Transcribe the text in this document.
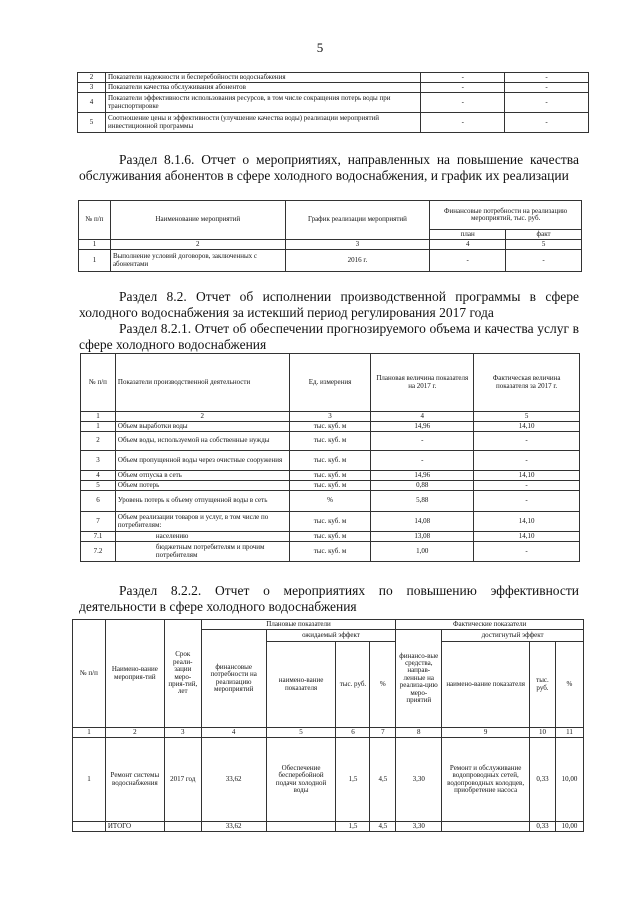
5
2	Показатели надежности и бесперебойности водоснабжения	-	-
3	Показатели качества обслуживания абонентов	-	-
4	Показатели эффективности использования ресурсов, в том числе сокращения потерь воды при транспортировке	-	-
5	Соотношение цены и эффективности (улучшение качества воды) реализации мероприятий инвестиционной программы	-	-
Раздел 8.1.6. Отчет о мероприятиях, направленных на повышение качества обслуживания абонентов в сфере холодного водоснабжения, и график их реализации
№ п/п	Наименование мероприятий	График реализации мероприятий	Финансовые потребности на реализацию мероприятий, тыс. руб.	
			план	факт
1	2	3	4	5
1	Выполнение условий договоров, заключенных с абонентами	2016 г.	-	-
Раздел 8.2. Отчет об исполнении производственной программы в сфере холодного водоснабжения за истекший период регулирования 2017 года
Раздел 8.2.1. Отчет об обеспечении прогнозируемого объема и качества услуг в сфере холодного водоснабжения
№ п/п	Показатели производственной деятельности	Ед. измерения	Плановая величина показателя на 2017 г.	Фактическая величина показателя за 2017 г.
1	2	3	4	5
1	Объем выработки воды	тыс. куб. м	14,96	14,10
2	Объем воды, используемой на собственные нужды	тыс. куб. м	-	-
3	Объем пропущенной воды через очистные сооружения	тыс. куб. м	-	-
4	Объем отпуска в сеть	тыс. куб. м	14,96	14,10
5	Объем потерь	тыс. куб. м	0,88	-
6	Уровень потерь к объему отпущенной воды в сеть	%	5,88	-
7	Объем реализации товаров и услуг, в том числе по потребителям:	тыс. куб. м	14,08	14,10
7.1	населению	тыс. куб. м	13,08	14,10
7.2	бюджетным потребителям и прочим потребителям	тыс. куб. м	1,00	-
Раздел 8.2.2. Отчет о мероприятиях по повышению эффективности деятельности в сфере холодного водоснабжения
№ п/п	Наимено-вание мероприя-тий	Срок реали-зации меро-прия-тий, лет	Плановые показатели				Фактические показатели			
			финансовые потребности на реализацию мероприятий	ожидаемый эффект			финансо-вые средства, направ-ленные на реализа-цию меро-приятий	достигнутый эффект		
				наимено-вание показателя	тыс. руб.	%		наимено-вание показателя	тыс. руб.	%
1	2	3	4	5	6	7	8	9	10	11
1	Ремонт системы водоснабжения	2017 год	33,62	Обеспечение бесперебойной подачи холодной воды	1,5	4,5	3,30	Ремонт и обслуживание водопроводных сетей, водопроводных колодцев, приобретение насоса	0,33	10,00
	ИТОГО		33,62		1,5	4,5	3,30		0,33	10,00
